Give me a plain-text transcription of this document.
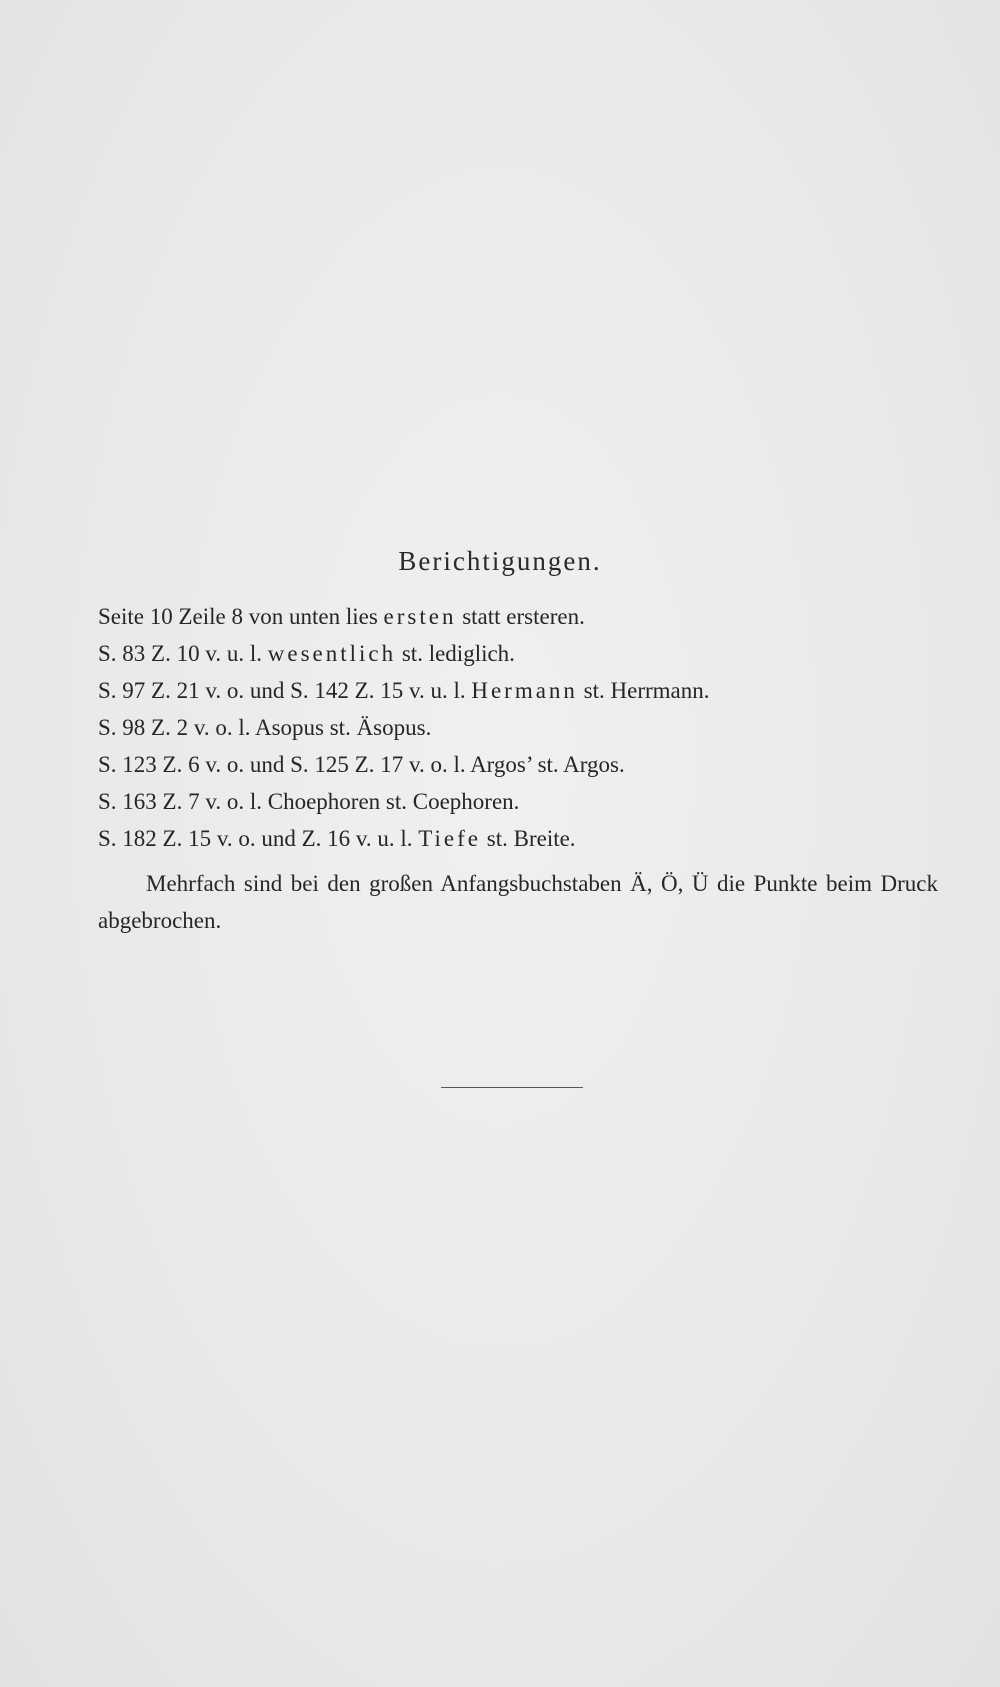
Berichtigungen.
Seite 10 Zeile 8 von unten lies ersten statt ersteren.
S. 83 Z. 10 v. u. l. wesentlich st. lediglich.
S. 97 Z. 21 v. o. und S. 142 Z. 15 v. u. l. Hermann st. Herrmann.
S. 98 Z. 2 v. o. l. Asopus st. Äsopus.
S. 123 Z. 6 v. o. und S. 125 Z. 17 v. o. l. Argos’ st. Argos.
S. 163 Z. 7 v. o. l. Choephoren st. Coephoren.
S. 182 Z. 15 v. o. und Z. 16 v. u. l. Tiefe st. Breite.

Mehrfach sind bei den großen Anfangsbuchstaben Ä, Ö, Ü die Punkte beim Druck abgebrochen.
